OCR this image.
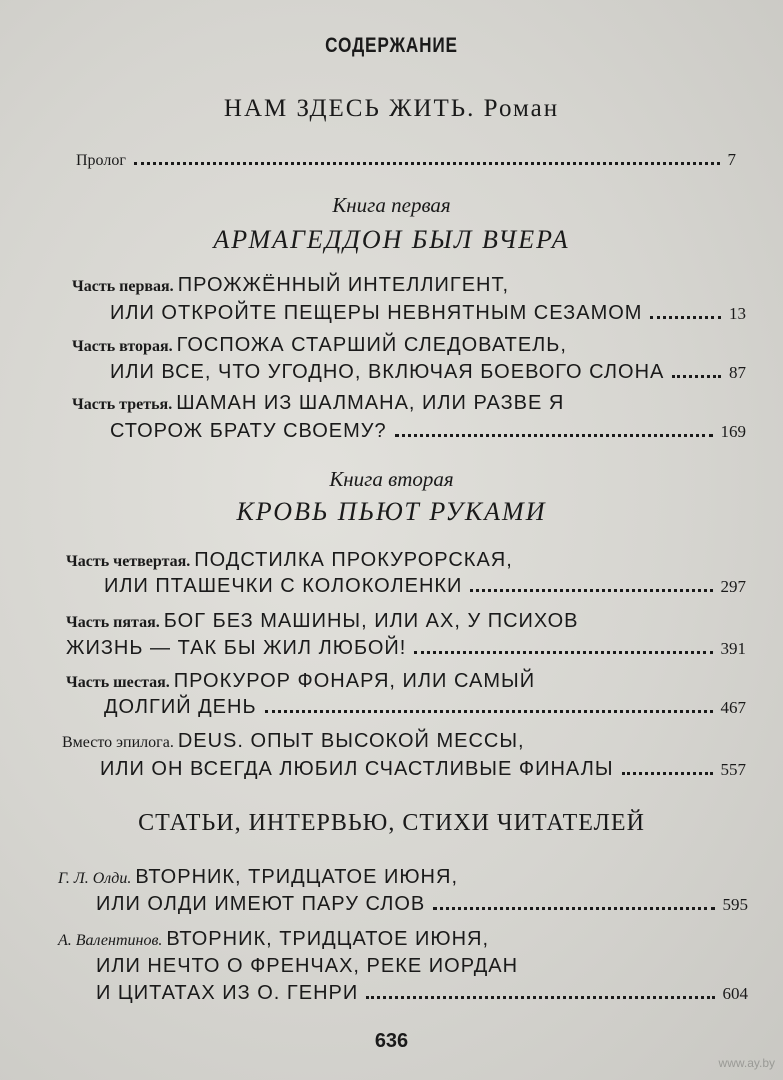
СОДЕРЖАНИЕ
НАМ ЗДЕСЬ ЖИТЬ. Роман
Пролог	7
Книга первая
АРМАГЕДДОН БЫЛ ВЧЕРА
Часть первая.
ПРОЖЖЁННЫЙ ИНТЕЛЛИГЕНТ,
ИЛИ ОТКРОЙТЕ ПЕЩЕРЫ НЕВНЯТНЫМ СЕЗАМОМ	13
Часть вторая.
ГОСПОЖА СТАРШИЙ СЛЕДОВАТЕЛЬ,
ИЛИ ВСЕ, ЧТО УГОДНО, ВКЛЮЧАЯ БОЕВОГО СЛОНА	87
Часть третья.
ШАМАН ИЗ ШАЛМАНА, ИЛИ РАЗВЕ Я
СТОРОЖ БРАТУ СВОЕМУ?	169
Книга вторая
КРОВЬ ПЬЮТ РУКАМИ
Часть четвертая.
ПОДСТИЛКА ПРОКУРОРСКАЯ,
ИЛИ ПТАШЕЧКИ С КОЛОКОЛЕНКИ	297
Часть пятая.
БОГ БЕЗ МАШИНЫ, ИЛИ АХ, У ПСИХОВ
ЖИЗНЬ — ТАК БЫ ЖИЛ ЛЮБОЙ!	391
Часть шестая.
ПРОКУРОР ФОНАРЯ, ИЛИ САМЫЙ
ДОЛГИЙ ДЕНЬ	467
Вместо эпилога.
DEUS. ОПЫТ ВЫСОКОЙ МЕССЫ,
ИЛИ ОН ВСЕГДА ЛЮБИЛ СЧАСТЛИВЫЕ ФИНАЛЫ	557
СТАТЬИ, ИНТЕРВЬЮ, СТИХИ ЧИТАТЕЛЕЙ
Г. Л. Олди.
ВТОРНИК, ТРИДЦАТОЕ ИЮНЯ,
ИЛИ ОЛДИ ИМЕЮТ ПАРУ СЛОВ	595
А. Валентинов.
ВТОРНИК, ТРИДЦАТОЕ ИЮНЯ,
ИЛИ НЕЧТО О ФРЕНЧАХ, РЕКЕ ИОРДАН
И ЦИТАТАХ ИЗ О. ГЕНРИ	604
636
www.ay.by
